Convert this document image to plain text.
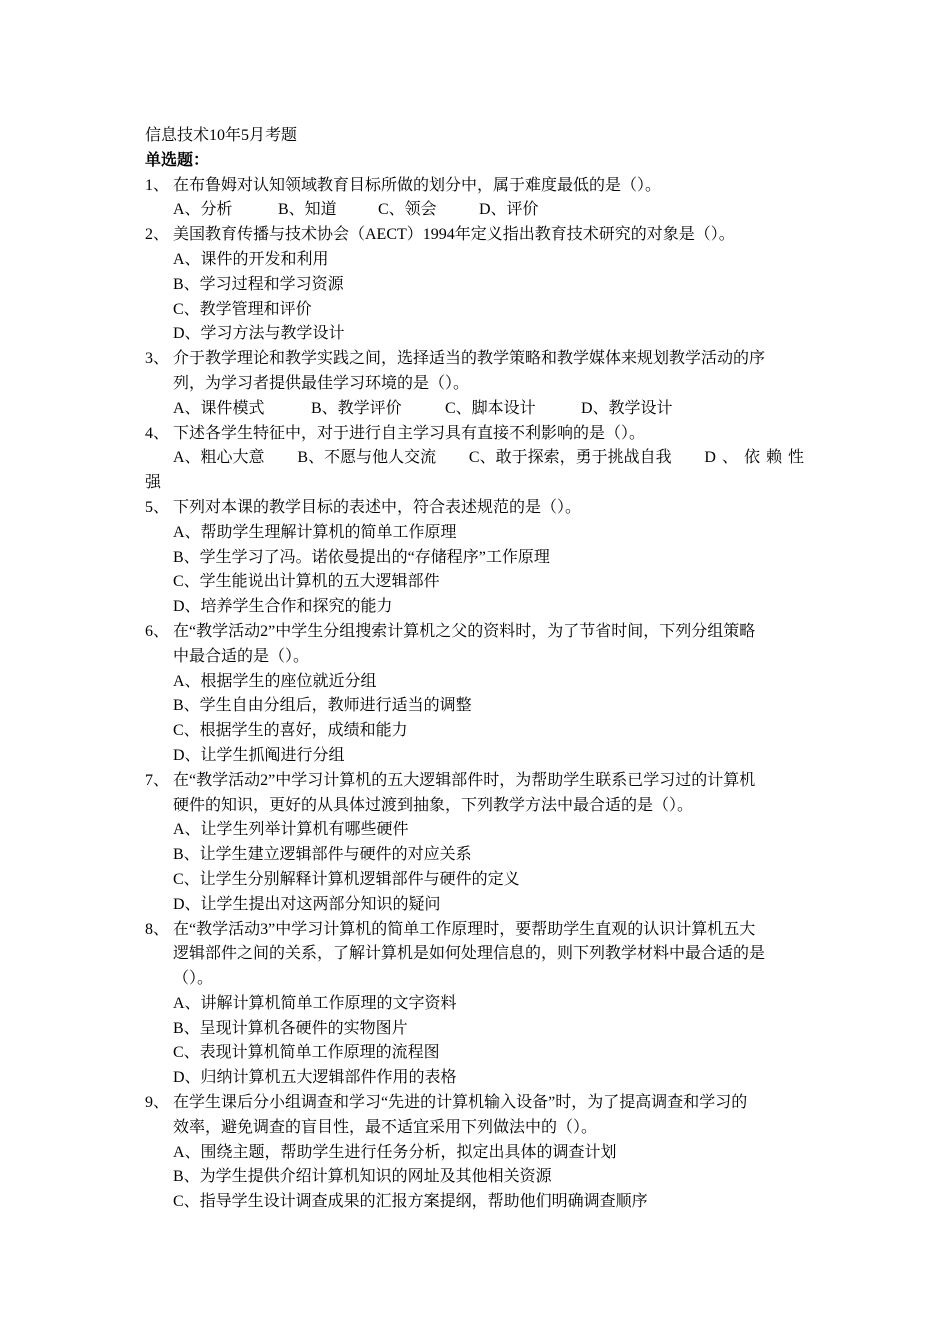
信息技术10年5月考题
单选题：
1、 在布鲁姆对认知领域教育目标所做的划分中，属于难度最低的是（）。
A、分析	B、知道	C、领会	D、评价
2、 美国教育传播与技术协会（AECT）1994年定义指出教育技术研究的对象是（）。
A、课件的开发和利用
B、学习过程和学习资源
C、教学管理和评价
D、学习方法与教学设计
3、 介于教学理论和教学实践之间，选择适当的教学策略和教学媒体来规划教学活动的序
列，为学习者提供最佳学习环境的是（）。
A、课件模式	B、教学评价	C、脚本设计	D、教学设计
4、 下述各学生特征中，对于进行自主学习具有直接不利影响的是（）。
A、粗心大意 B、不愿与他人交流 C、敢于探索，勇于挑战自我 D、依赖性
强
5、 下列对本课的教学目标的表述中，符合表述规范的是（）。
A、帮助学生理解计算机的简单工作原理
B、学生学习了冯。诺依曼提出的“存储程序”工作原理
C、学生能说出计算机的五大逻辑部件
D、培养学生合作和探究的能力
6、 在“教学活动2”中学生分组搜索计算机之父的资料时，为了节省时间，下列分组策略
中最合适的是（）。
A、根据学生的座位就近分组
B、学生自由分组后，教师进行适当的调整
C、根据学生的喜好，成绩和能力
D、让学生抓阄进行分组
7、 在“教学活动2”中学习计算机的五大逻辑部件时，为帮助学生联系已学习过的计算机
硬件的知识，更好的从具体过渡到抽象，下列教学方法中最合适的是（）。
A、让学生列举计算机有哪些硬件
B、让学生建立逻辑部件与硬件的对应关系
C、让学生分别解释计算机逻辑部件与硬件的定义
D、让学生提出对这两部分知识的疑问
8、 在“教学活动3”中学习计算机的简单工作原理时，要帮助学生直观的认识计算机五大
逻辑部件之间的关系，了解计算机是如何处理信息的，则下列教学材料中最合适的是
（）。
A、讲解计算机简单工作原理的文字资料
B、呈现计算机各硬件的实物图片
C、表现计算机简单工作原理的流程图
D、归纳计算机五大逻辑部件作用的表格
9、 在学生课后分小组调查和学习“先进的计算机输入设备”时，为了提高调查和学习的
效率，避免调查的盲目性，最不适宜采用下列做法中的（）。
A、围绕主题，帮助学生进行任务分析，拟定出具体的调查计划
B、为学生提供介绍计算机知识的网址及其他相关资源
C、指导学生设计调查成果的汇报方案提纲，帮助他们明确调查顺序
